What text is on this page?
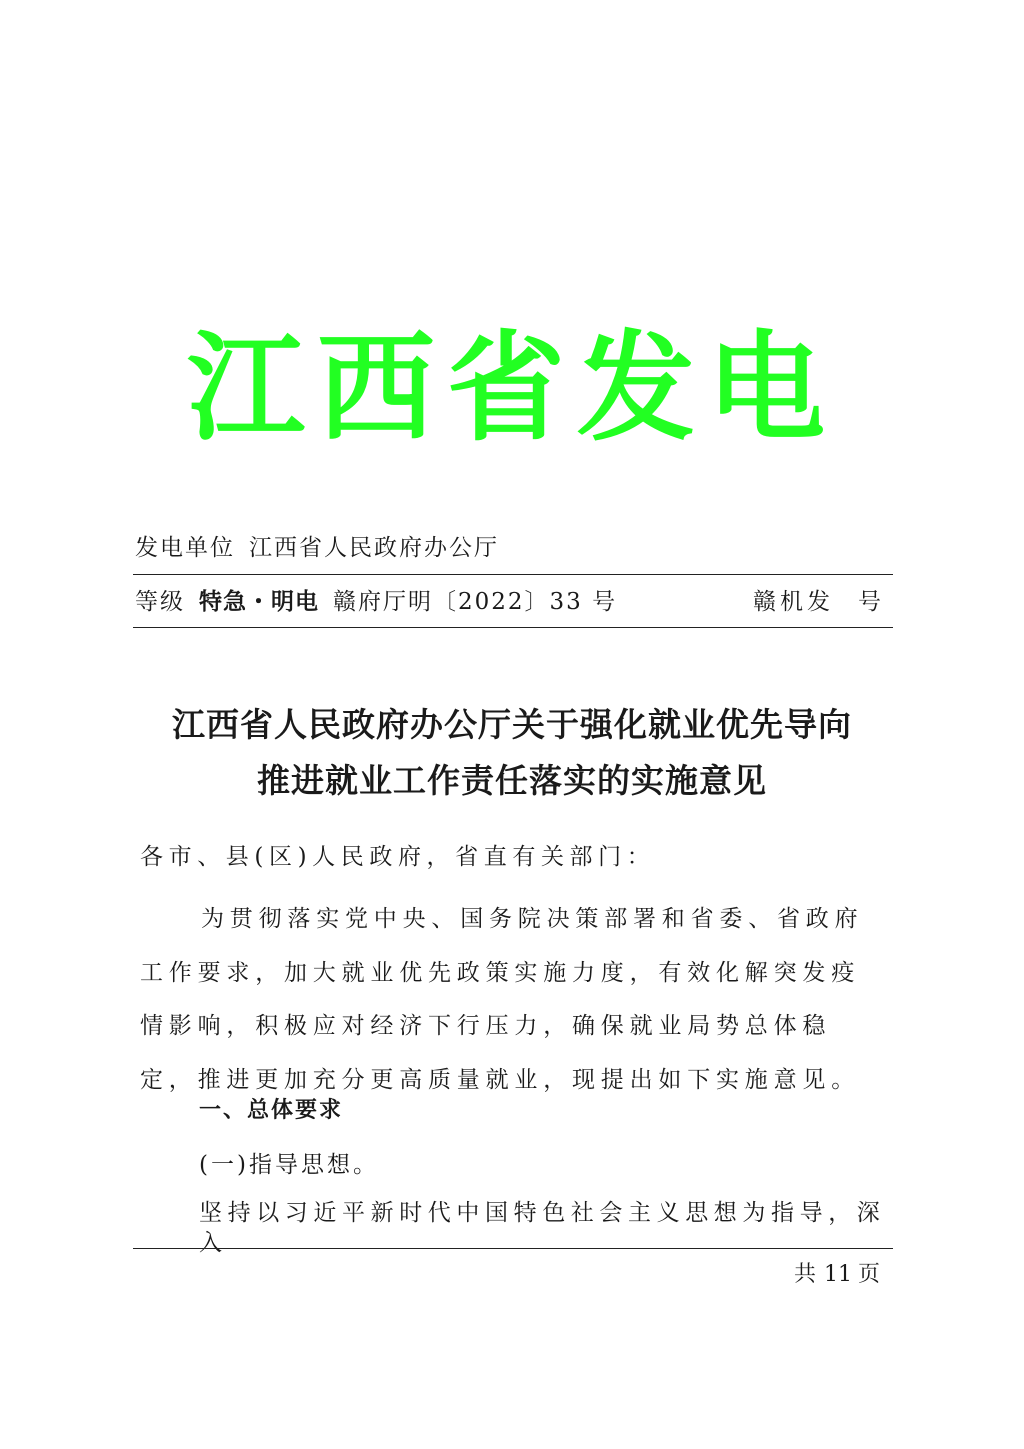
江西省发电
发电单位 江西省人民政府办公厅
等级 特急・明电 赣府厅明〔2022〕33 号	赣机发 号
江西省人民政府办公厅关于强化就业优先导向
推进就业工作责任落实的实施意见
各市、县(区)人民政府，省直有关部门：
为贯彻落实党中央、国务院决策部署和省委、省政府工作要求，加大就业优先政策实施力度，有效化解突发疫情影响，积极应对经济下行压力，确保就业局势总体稳定，推进更加充分更高质量就业，现提出如下实施意见。
一、总体要求
(一)指导思想。
坚持以习近平新时代中国特色社会主义思想为指导，深入
共 11 页
